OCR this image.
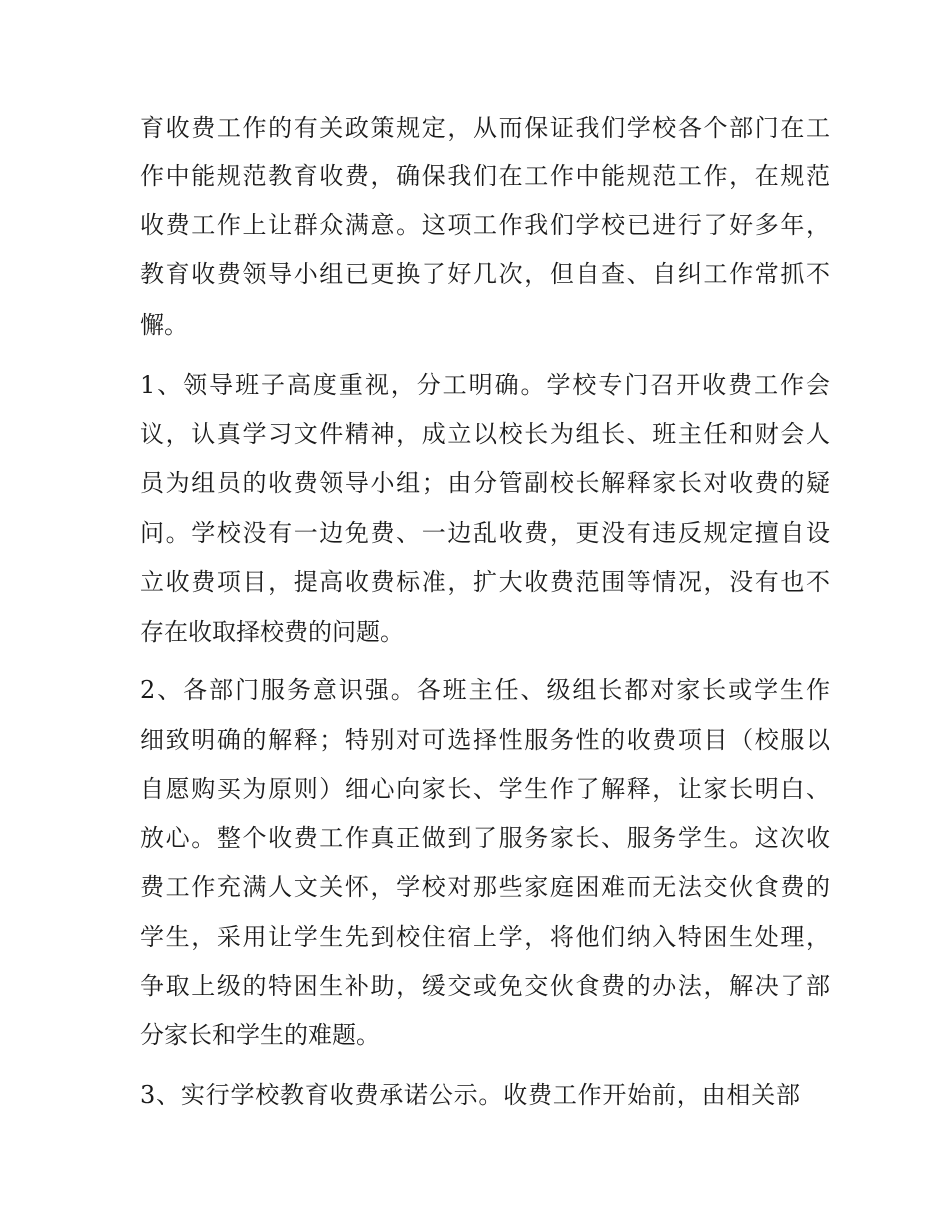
育收费工作的有关政策规定，从而保证我们学校各个部门在工
作中能规范教育收费，确保我们在工作中能规范工作，在规范
收费工作上让群众满意。这项工作我们学校已进行了好多年，
教育收费领导小组已更换了好几次，但自查、自纠工作常抓不
懈。
1、领导班子高度重视，分工明确。学校专门召开收费工作会
议，认真学习文件精神，成立以校长为组长、班主任和财会人
员为组员的收费领导小组；由分管副校长解释家长对收费的疑
问。学校没有一边免费、一边乱收费，更没有违反规定擅自设
立收费项目，提高收费标准，扩大收费范围等情况，没有也不
存在收取择校费的问题。
2、各部门服务意识强。各班主任、级组长都对家长或学生作
细致明确的解释；特别对可选择性服务性的收费项目（校服以
自愿购买为原则）细心向家长、学生作了解释，让家长明白、
放心。整个收费工作真正做到了服务家长、服务学生。这次收
费工作充满人文关怀，学校对那些家庭困难而无法交伙食费的
学生，采用让学生先到校住宿上学，将他们纳入特困生处理，
争取上级的特困生补助，缓交或免交伙食费的办法，解决了部
分家长和学生的难题。
3、实行学校教育收费承诺公示。收费工作开始前，由相关部
